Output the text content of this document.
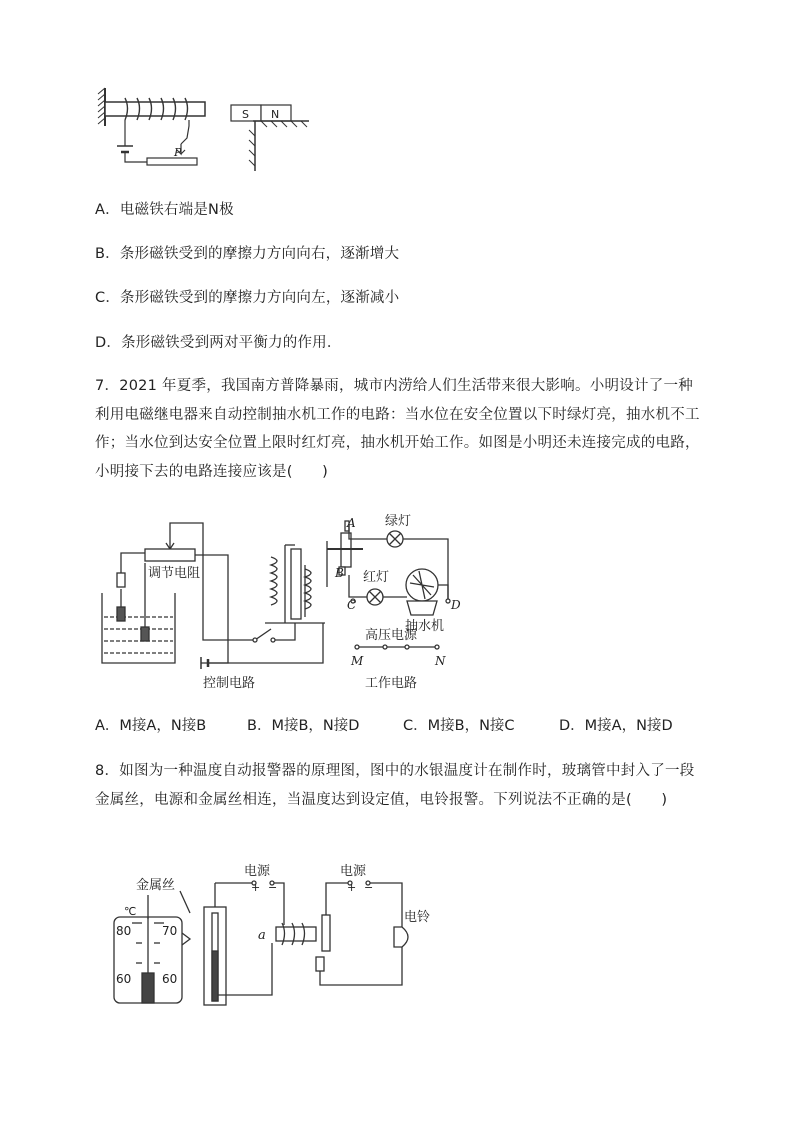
P
S N
A．电磁铁右端是N极
B．条形磁铁受到的摩擦力方向向右，逐渐增大
C．条形磁铁受到的摩擦力方向向左，逐渐减小
D．条形磁铁受到两对平衡力的作用．
7．2021 年夏季，我国南方普降暴雨，城市内涝给人们生活带来很大影响。小明设计了一种利用电磁继电器来自动控制抽水机工作的电路：当水位在安全位置以下时绿灯亮，抽水机不工作；当水位到达安全位置上限时红灯亮，抽水机开始工作。如图是小明还未连接完成的电路，小明接下去的电路连接应该是(　　)
调节电阻
绿灯
红灯
抽水机
高压电源
控制电路	工作电路
A
B
C	D
M	N
A．M接A，N接B	B．M接B，N接D	C．M接B，N接C	D．M接A，N接D
8．如图为一种温度自动报警器的原理图，图中的水银温度计在制作时，玻璃管中封入了一段金属丝，电源和金属丝相连，当温度达到设定值，电铃报警。下列说法不正确的是(　　)
金属丝
℃
80	70
60	60
电源	电源
+ −	+ −
电铃
a
